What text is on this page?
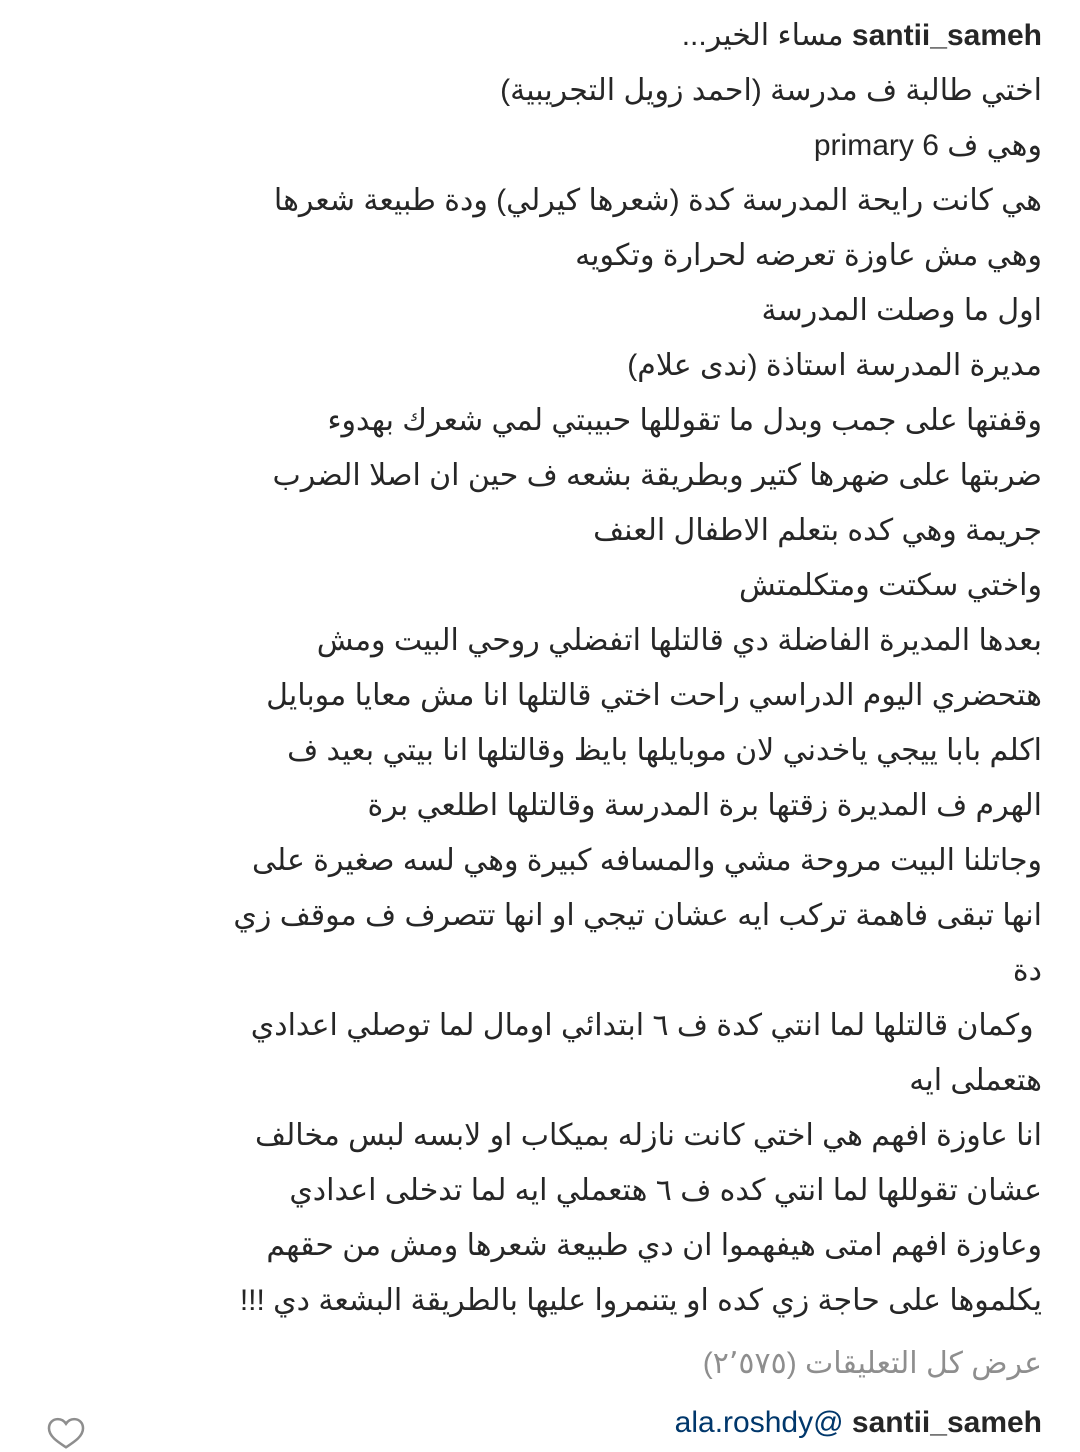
santii_sameh مساء الخير...
اختي طالبة ف مدرسة (احمد زويل التجريبية)
وهي ف primary 6
هي كانت رايحة المدرسة كدة (شعرها كيرلي) ودة طبيعة شعرها
وهي مش عاوزة تعرضه لحرارة وتكويه
اول ما وصلت المدرسة
مديرة المدرسة استاذة (ندى علام)
وقفتها على جمب وبدل ما تقوللها حبيبتي لمي شعرك بهدوء
ضربتها على ضهرها كتير وبطريقة بشعه ف حين ان اصلا الضرب
جريمة وهي كده بتعلم الاطفال العنف
واختي سكتت ومتكلمتش
بعدها المديرة الفاضلة دي قالتلها اتفضلي روحي البيت ومش
هتحضري اليوم الدراسي راحت اختي قالتلها انا مش معايا موبايل
اكلم بابا ييجي ياخدني لان موبايلها بايظ وقالتلها انا بيتي بعيد ف
الهرم ف المديرة زقتها برة المدرسة وقالتلها اطلعي برة
وجاتلنا البيت مروحة مشي والمسافه كبيرة وهي لسه صغيرة على
انها تبقى فاهمة تركب ايه عشان تيجي او انها تتصرف ف موقف زي
دة
وكمان قالتلها لما انتي كدة ف ٦ ابتدائي اومال لما توصلي اعدادي
هتعملى ايه
انا عاوزة افهم هي اختي كانت نازله بميكاب او لابسه لبس مخالف
عشان تقوللها لما انتي كده ف ٦ هتعملي ايه لما تدخلى اعدادي
وعاوزة افهم امتى هيفهموا ان دي طبيعة شعرها ومش من حقهم
يكلموها على حاجة زي كده او يتنمروا عليها بالطريقة البشعة دي !!!
عرض كل التعليقات (٢٬٥٧٥)
santii_sameh @ala.roshdy
